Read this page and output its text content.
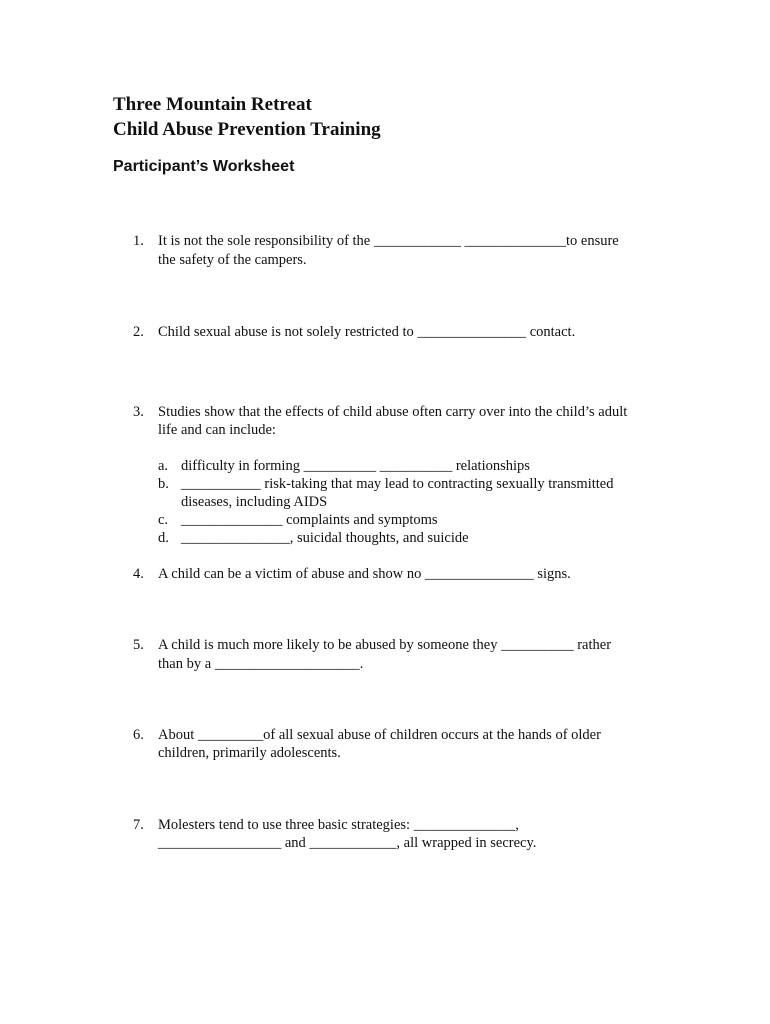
Three Mountain Retreat
Child Abuse Prevention Training
Participant’s Worksheet
1. It is not the sole responsibility of the ____________ ______________to ensure
the safety of the campers.
2. Child sexual abuse is not solely restricted to _______________ contact.
3. Studies show that the effects of child abuse often carry over into the child’s adult
life and can include:
a. difficulty in forming __________ __________ relationships
b. ___________ risk-taking that may lead to contracting sexually transmitted
diseases, including AIDS
c. ______________ complaints and symptoms
d. _______________, suicidal thoughts, and suicide
4. A child can be a victim of abuse and show no _______________ signs.
5. A child is much more likely to be abused by someone they __________ rather
than by a ____________________.
6. About _________of all sexual abuse of children occurs at the hands of older
children, primarily adolescents.
7. Molesters tend to use three basic strategies: ______________,
_________________ and ____________, all wrapped in secrecy.
